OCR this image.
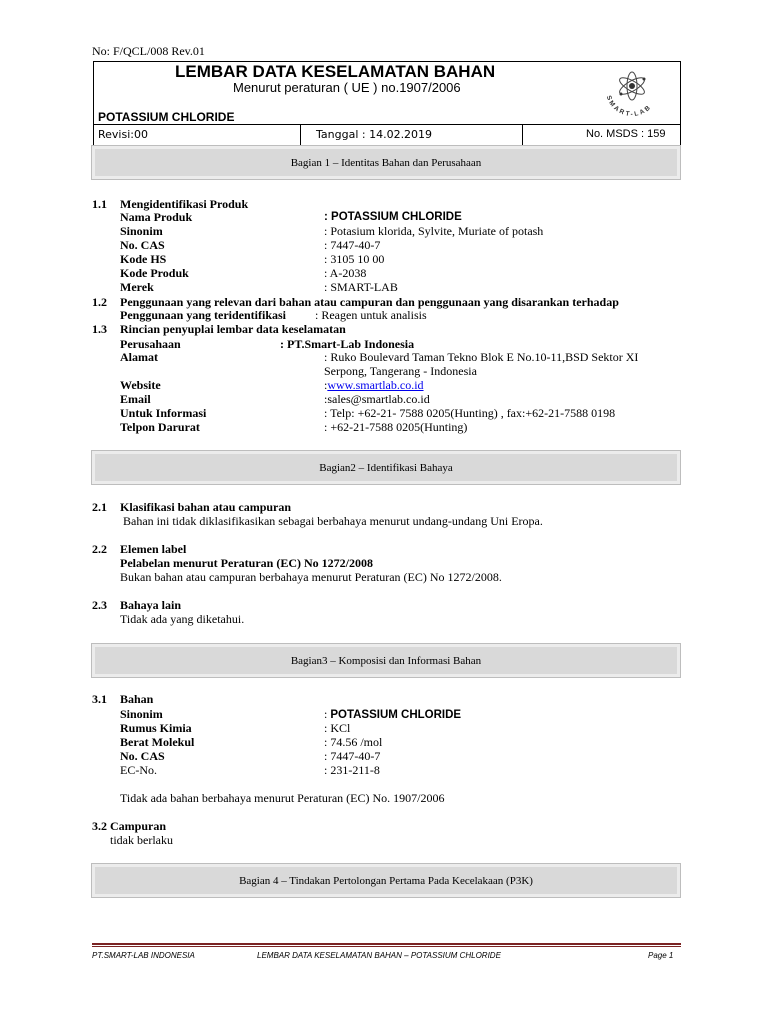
No: F/QCL/008 Rev.01
LEMBAR DATA KESELAMATAN BAHAN
Menurut peraturan ( UE ) no.1907/2006
POTASSIUM CHLORIDE
Revisi:00	Tanggal : 14.02.2019	No. MSDS : 159
SMART-LAB
Bagian 1 – Identitas Bahan dan Perusahaan
1.1 Mengidentifikasi Produk
Nama Produk	: POTASSIUM CHLORIDE
Sinonim	: Potasium klorida, Sylvite, Muriate of potash
No. CAS	: 7447-40-7
Kode HS	: 3105 10 00
Kode Produk	: A-2038
Merek	: SMART-LAB
1.2 Penggunaan yang relevan dari bahan atau campuran dan penggunaan yang disarankan terhadap
Penggunaan yang teridentifikasi : Reagen untuk analisis
1.3 Rincian penyuplai lembar data keselamatan
Perusahaan	: PT.Smart-Lab Indonesia
Alamat	: Ruko Boulevard Taman Tekno Blok E No.10-11,BSD Sektor XI
Serpong, Tangerang - Indonesia
Website	:www.smartlab.co.id
Email	:sales@smartlab.co.id
Untuk Informasi	: Telp: +62-21- 7588 0205(Hunting) , fax:+62-21-7588 0198
Telpon Darurat	: +62-21-7588 0205(Hunting)
Bagian2 – Identifikasi Bahaya
2.1 Klasifikasi bahan atau campuran
Bahan ini tidak diklasifikasikan sebagai berbahaya menurut undang-undang Uni Eropa.
2.2 Elemen label
Pelabelan menurut Peraturan (EC) No 1272/2008
Bukan bahan atau campuran berbahaya menurut Peraturan (EC) No 1272/2008.
2.3 Bahaya lain
Tidak ada yang diketahui.
Bagian3 – Komposisi dan Informasi Bahan
3.1 Bahan
Sinonim	: POTASSIUM CHLORIDE
Rumus Kimia	: KCl
Berat Molekul	: 74.56 /mol
No. CAS	: 7447-40-7
EC-No.	: 231-211-8
Tidak ada bahan berbahaya menurut Peraturan (EC) No. 1907/2006
3.2 Campuran
tidak berlaku
Bagian 4 – Tindakan Pertolongan Pertama Pada Kecelakaan (P3K)
PT.SMART-LAB INDONESIA	LEMBAR DATA KESELAMATAN BAHAN – POTASSIUM CHLORIDE	Page 1
